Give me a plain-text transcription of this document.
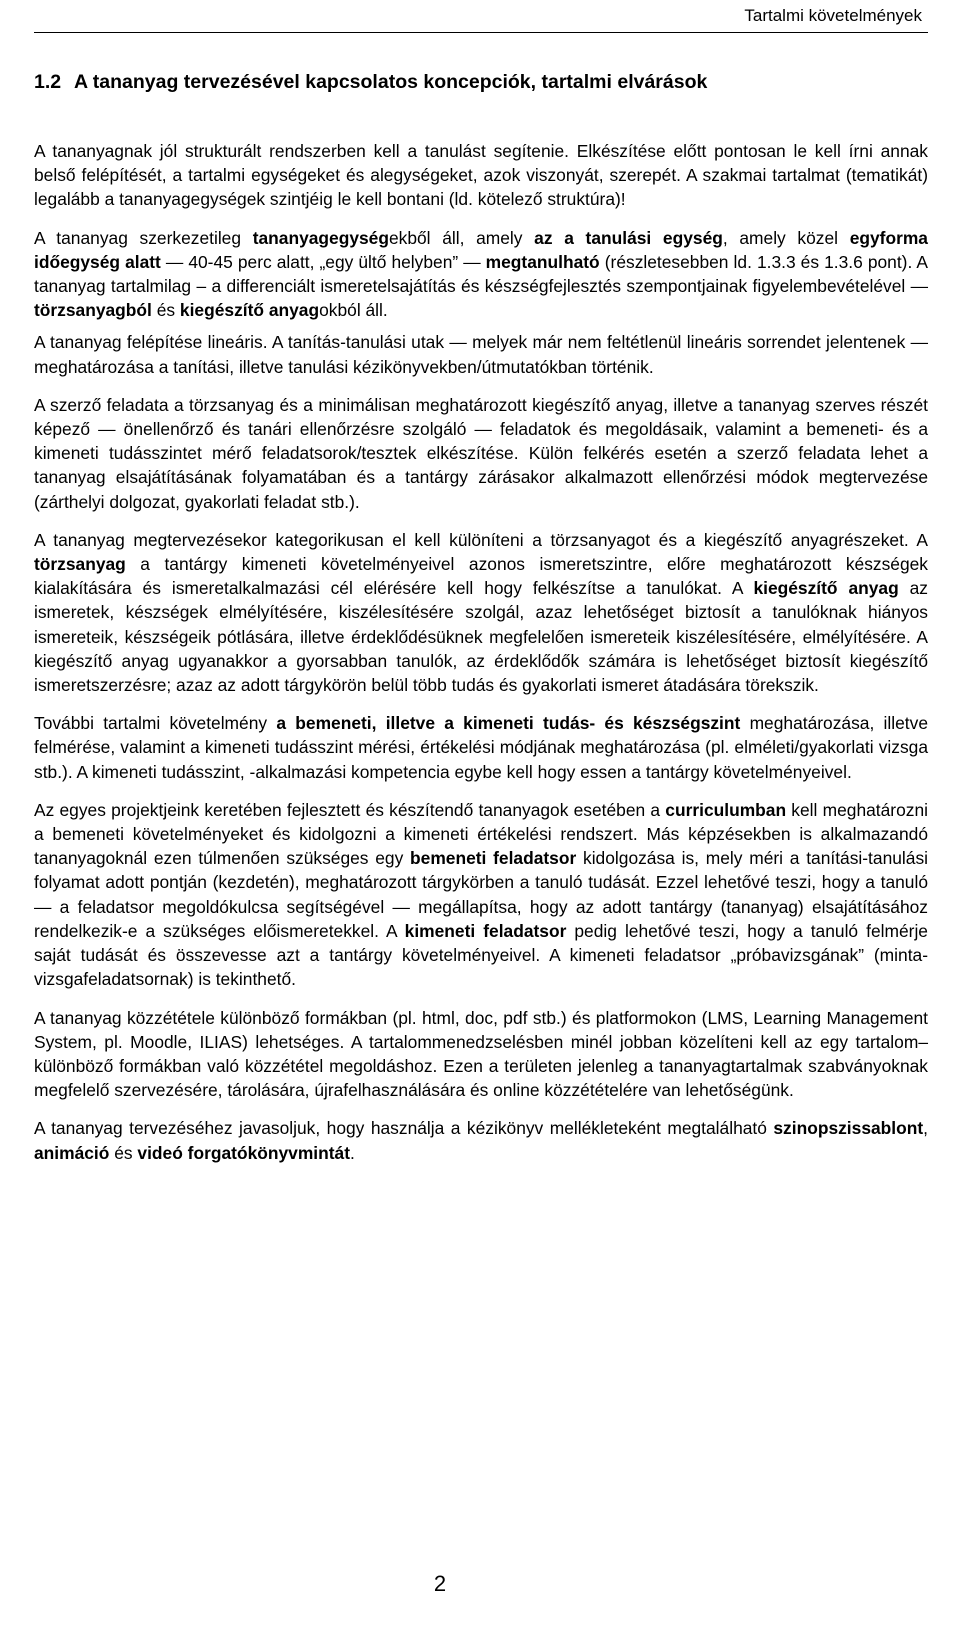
Tartalmi követelmények
1.2 A tananyag tervezésével kapcsolatos koncepciók, tartalmi elvárások

A tananyagnak jól strukturált rendszerben kell a tanulást segítenie. Elkészítése előtt pontosan le kell írni annak belső felépítését, a tartalmi egységeket és alegységeket, azok viszonyát, szerepét. A szakmai tartalmat (tematikát) legalább a tananyagegységek szintjéig le kell bontani (ld. kötelező struktúra)!

A tananyag szerkezetileg tananyagegységekből áll, amely az a tanulási egység, amely közel egyforma időegység alatt — 40-45 perc alatt, „egy ültő helyben” — megtanulható (részletesebben ld. 1.3.3 és 1.3.6 pont). A tananyag tartalmilag – a differenciált ismeretelsajátítás és készségfejlesztés szempontjainak figyelembevételével — törzsanyagból és kiegészítő anyagokból áll.

A tananyag felépítése lineáris. A tanítás-tanulási utak — melyek már nem feltétlenül lineáris sorrendet jelentenek — meghatározása a tanítási, illetve tanulási kézikönyvekben/útmutatókban történik.

A szerző feladata a törzsanyag és a minimálisan meghatározott kiegészítő anyag, illetve a tananyag szerves részét képező — önellenőrző és tanári ellenőrzésre szolgáló — feladatok és megoldásaik, valamint a bemeneti- és a kimeneti tudásszintet mérő feladatsorok/tesztek elkészítése. Külön felkérés esetén a szerző feladata lehet a tananyag elsajátításának folyamatában és a tantárgy zárásakor alkalmazott ellenőrzési módok megtervezése (zárthelyi dolgozat, gyakorlati feladat stb.).

A tananyag megtervezésekor kategorikusan el kell különíteni a törzsanyagot és a kiegészítő anyagrészeket. A törzsanyag a tantárgy kimeneti követelményeivel azonos ismeretszintre, előre meghatározott készségek kialakítására és ismeretalkalmazási cél elérésére kell hogy felkészítse a tanulókat. A kiegészítő anyag az ismeretek, készségek elmélyítésére, kiszélesítésére szolgál, azaz lehetőséget biztosít a tanulóknak hiányos ismereteik, készségeik pótlására, illetve érdeklődésüknek megfelelően ismereteik kiszélesítésére, elmélyítésére. A kiegészítő anyag ugyanakkor a gyorsabban tanulók, az érdeklődők számára is lehetőséget biztosít kiegészítő ismeretszerzésre; azaz az adott tárgykörön belül több tudás és gyakorlati ismeret átadására törekszik.

További tartalmi követelmény a bemeneti, illetve a kimeneti tudás- és készségszint meghatározása, illetve felmérése, valamint a kimeneti tudásszint mérési, értékelési módjának meghatározása (pl. elméleti/gyakorlati vizsga stb.). A kimeneti tudásszint, -alkalmazási kompetencia egybe kell hogy essen a tantárgy követelményeivel.

Az egyes projektjeink keretében fejlesztett és készítendő tananyagok esetében a curriculumban kell meghatározni a bemeneti követelményeket és kidolgozni a kimeneti értékelési rendszert. Más képzésekben is alkalmazandó tananyagoknál ezen túlmenően szükséges egy bemeneti feladatsor kidolgozása is, mely méri a tanítási-tanulási folyamat adott pontján (kezdetén), meghatározott tárgykörben a tanuló tudását. Ezzel lehetővé teszi, hogy a tanuló — a feladatsor megoldókulcsa segítségével — megállapítsa, hogy az adott tantárgy (tananyag) elsajátításához rendelkezik-e a szükséges előismeretekkel. A kimeneti feladatsor pedig lehetővé teszi, hogy a tanuló felmérje saját tudását és összevesse azt a tantárgy követelményeivel. A kimeneti feladatsor „próbavizsgának” (minta-vizsgafeladatsornak) is tekinthető.

A tananyag közzététele különböző formákban (pl. html, doc, pdf stb.) és platformokon (LMS, Learning Management System, pl. Moodle, ILIAS) lehetséges. A tartalommenedzselésben minél jobban közelíteni kell az egy tartalom–különböző formákban való közzététel megoldáshoz. Ezen a területen jelenleg a tananyagtartalmak szabványoknak megfelelő szervezésére, tárolására, újrafelhasználására és online közzétételére van lehetőségünk.

A tananyag tervezéséhez javasoljuk, hogy használja a kézikönyv mellékleteként megtalálható szinopszissablont, animáció és videó forgatókönyvmintát.

2
